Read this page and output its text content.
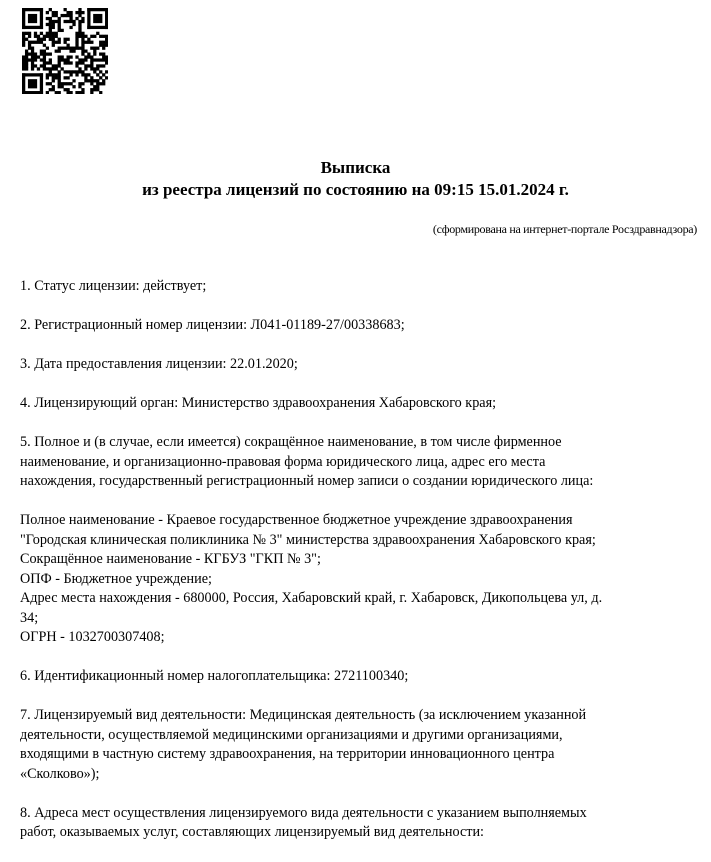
Выписка
из реестра лицензий по состоянию на 09:15 15.01.2024 г.
(сформирована на интернет-портале Росздравнадзора)
1. Статус лицензии: действует;
2. Регистрационный номер лицензии: Л041-01189-27/00338683;
3. Дата предоставления лицензии: 22.01.2020;
4. Лицензирующий орган: Министерство здравоохранения Хабаровского края;
5. Полное и (в случае, если имеется) сокращённое наименование, в том числе фирменное
наименование, и организационно-правовая форма юридического лица, адрес его места
нахождения, государственный регистрационный номер записи о создании юридического лица:
Полное наименование - Краевое государственное бюджетное учреждение здравоохранения
"Городская клиническая поликлиника № 3" министерства здравоохранения Хабаровского края;
Сокращённое наименование - КГБУЗ "ГКП № 3";
ОПФ - Бюджетное учреждение;
Адрес места нахождения - 680000, Россия, Хабаровский край, г. Хабаровск, Дикопольцева ул, д.
34;
ОГРН - 1032700307408;
6. Идентификационный номер налогоплательщика: 2721100340;
7. Лицензируемый вид деятельности: Медицинская деятельность (за исключением указанной
деятельности, осуществляемой медицинскими организациями и другими организациями,
входящими в частную систему здравоохранения, на территории инновационного центра
«Сколково»);
8. Адреса мест осуществления лицензируемого вида деятельности с указанием выполняемых
работ, оказываемых услуг, составляющих лицензируемый вид деятельности:
